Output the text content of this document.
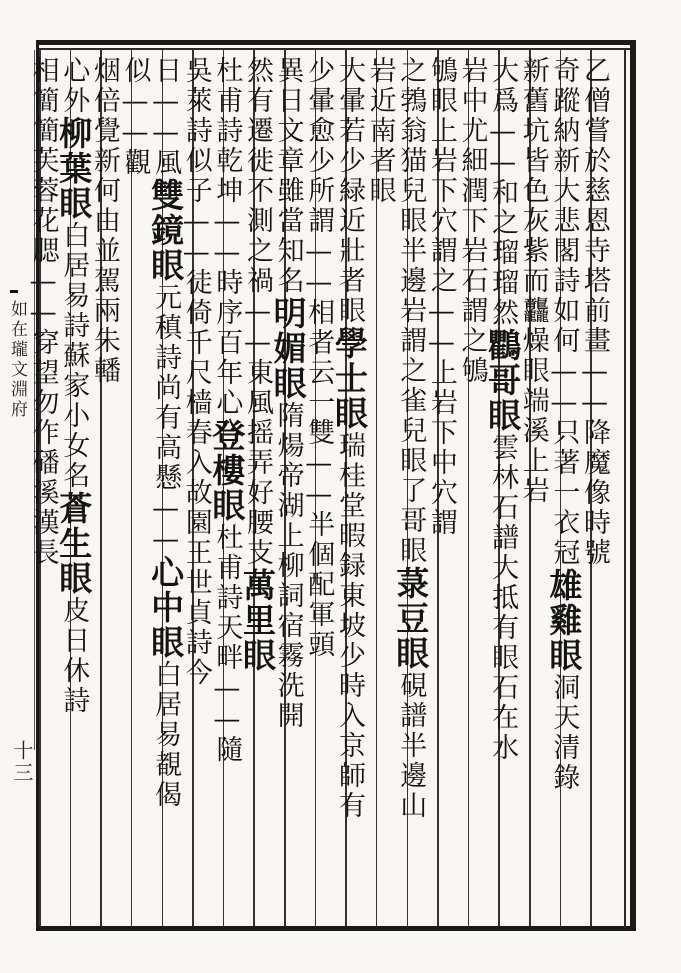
如在瓏文淵府
十三
乙僧嘗於慈恩寺塔前畫——降魔像時號
奇蹤納新大悲閣詩如何——只著一衣冠雄雞眼洞天清錄
新舊坑皆色灰紫而龘燥眼端溪上岩
大爲——和之瑠瑠然鸜哥眼雲林石譜大抵有眼石在水
岩中尤細潤下岩石謂之鴝
鴝眼上岩下穴謂之——上岩下中穴謂
之鵓翁猫兒眼半邊岩謂之雀兒眼了哥眼菉豆眼硯譜半邊山
岩近南者眼
大暈若少緑近壯者眼學士眼瑞桂堂暇録東坡少時入京師有
少暈愈少所謂——相者云一雙——半個配軍頭
異日文章雖當知名明媚眼隋煬帝湖上柳詞宿霧洗開
然有遷徙不測之禍——東風摇弄好腰支萬里眼
杜甫詩乾坤——時序百年心登樓眼杜甫詩天畔——隨
吳萊詩似子——徒倚千尺樯春入故園王世貞詩今
日——風雙鏡眼元稹詩尚有高懸——心中眼白居易覩偈
似——觀
烟倍覺新何由並駕兩朱轓
心外柳葉眼白居易詩蘇家小女名蒼生眼皮日休詩
相簡簡芙蓉花腮——穿望勿作磻溪漢長
